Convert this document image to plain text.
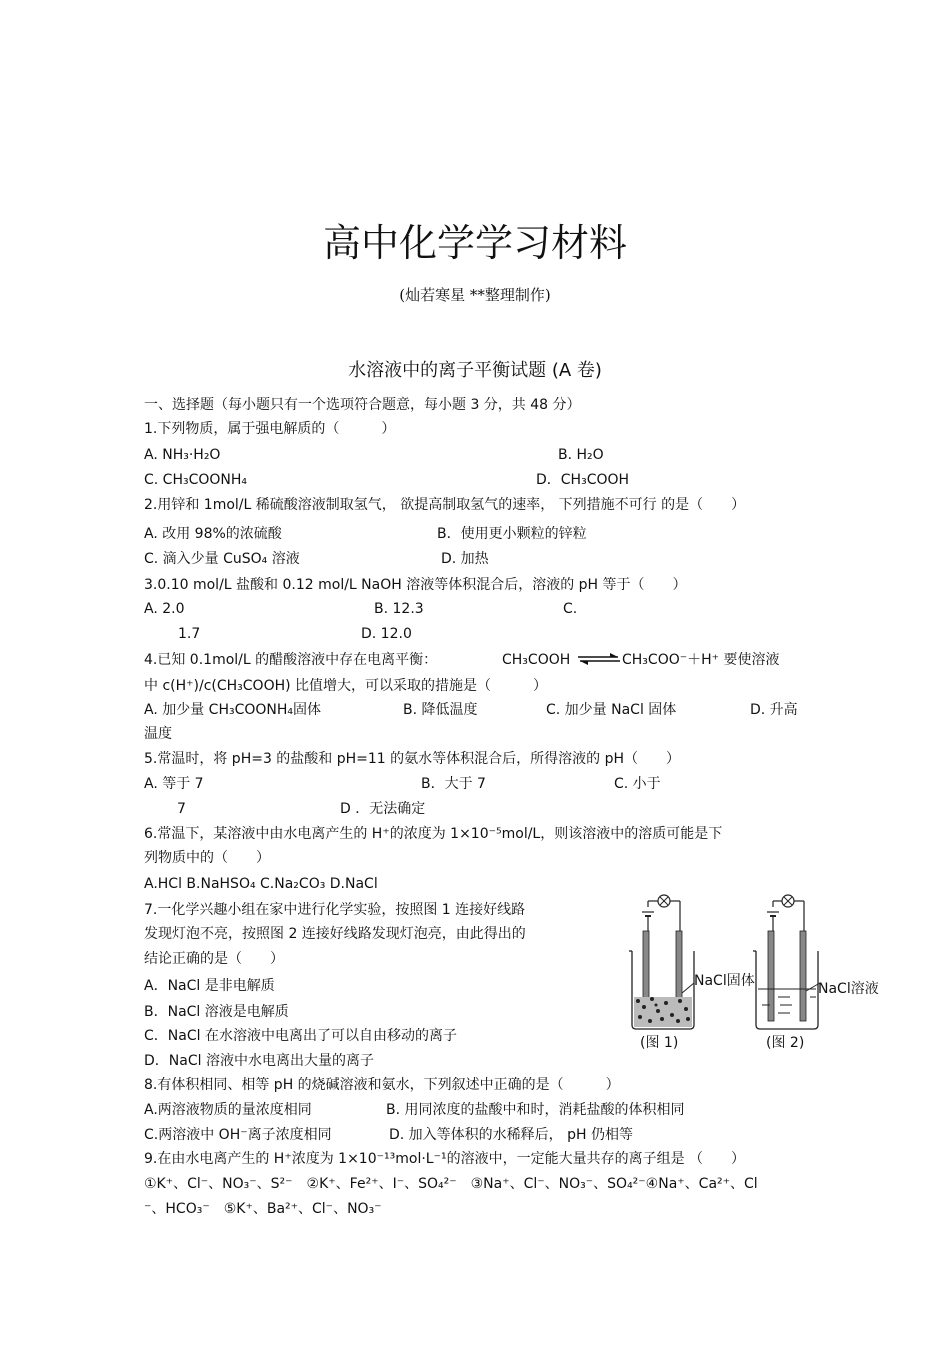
高中化学学习材料
(灿若寒星 **整理制作)
水溶液中的离子平衡试题 (A 卷)
一、选择题（每小题只有一个选项符合题意，每小题 3 分，共 48 分）
1.下列物质，属于强电解质的（　　　）
A. NH₃·H₂O	B. H₂O
C. CH₃COONH₄	D．CH₃COOH
2.用锌和 1mol/L 稀硫酸溶液制取氢气， 欲提高制取氢气的速率， 下列措施不可行 的是（　　）
A. 改用 98%的浓硫酸	B．使用更小颗粒的锌粒
C. 滴入少量 CuSO₄ 溶液	D. 加热
3.0.10 mol/L 盐酸和 0.12 mol/L NaOH 溶液等体积混合后，溶液的 pH 等于（　　）
A. 2.0	B. 12.3	C.
1.7	D. 12.0
4.已知 0.1mol/L 的醋酸溶液中存在电离平衡：	CH₃COOH ⇌ CH₃COO⁻＋H⁺ 要使溶液
中 c(H⁺)/c(CH₃COOH) 比值增大，可以采取的措施是（　　　）
A. 加少量 CH₃COONH₄固体	B. 降低温度	C. 加少量 NaCl 固体	D. 升高
温度
5.常温时，将 pH=3 的盐酸和 pH=11 的氨水等体积混合后，所得溶液的 pH（　　）
A. 等于 7	B．大于 7	C. 小于
7	D ．无法确定
6.常温下，某溶液中由水电离产生的 H⁺的浓度为 1×10⁻⁵mol/L，则该溶液中的溶质可能是下
列物质中的（　　）
A.HCl B.NaHSO₄ C.Na₂CO₃ D.NaCl
7.一化学兴趣小组在家中进行化学实验，按照图 1 连接好线路
发现灯泡不亮，按照图 2 连接好线路发现灯泡亮，由此得出的
结论正确的是（　　）
A．NaCl 是非电解质
B．NaCl 溶液是电解质
C．NaCl 在水溶液中电离出了可以自由移动的离子
D．NaCl 溶液中水电离出大量的离子
NaCl固体	NaCl溶液
(图 1)	(图 2)
8.有体积相同、相等 pH 的烧碱溶液和氨水，下列叙述中正确的是（　　　）
A.两溶液物质的量浓度相同	B. 用同浓度的盐酸中和时，消耗盐酸的体积相同
C.两溶液中 OH⁻离子浓度相同	D. 加入等体积的水稀释后， pH 仍相等
9.在由水电离产生的 H⁺浓度为 1×10⁻¹³mol·L⁻¹的溶液中，一定能大量共存的离子组是 （　　）
①K⁺、Cl⁻、NO₃⁻、S²⁻　②K⁺、Fe²⁺、I⁻、SO₄²⁻　③Na⁺、Cl⁻、NO₃⁻、SO₄²⁻④Na⁺、Ca²⁺、Cl
⁻、HCO₃⁻　⑤K⁺、Ba²⁺、Cl⁻、NO₃⁻
